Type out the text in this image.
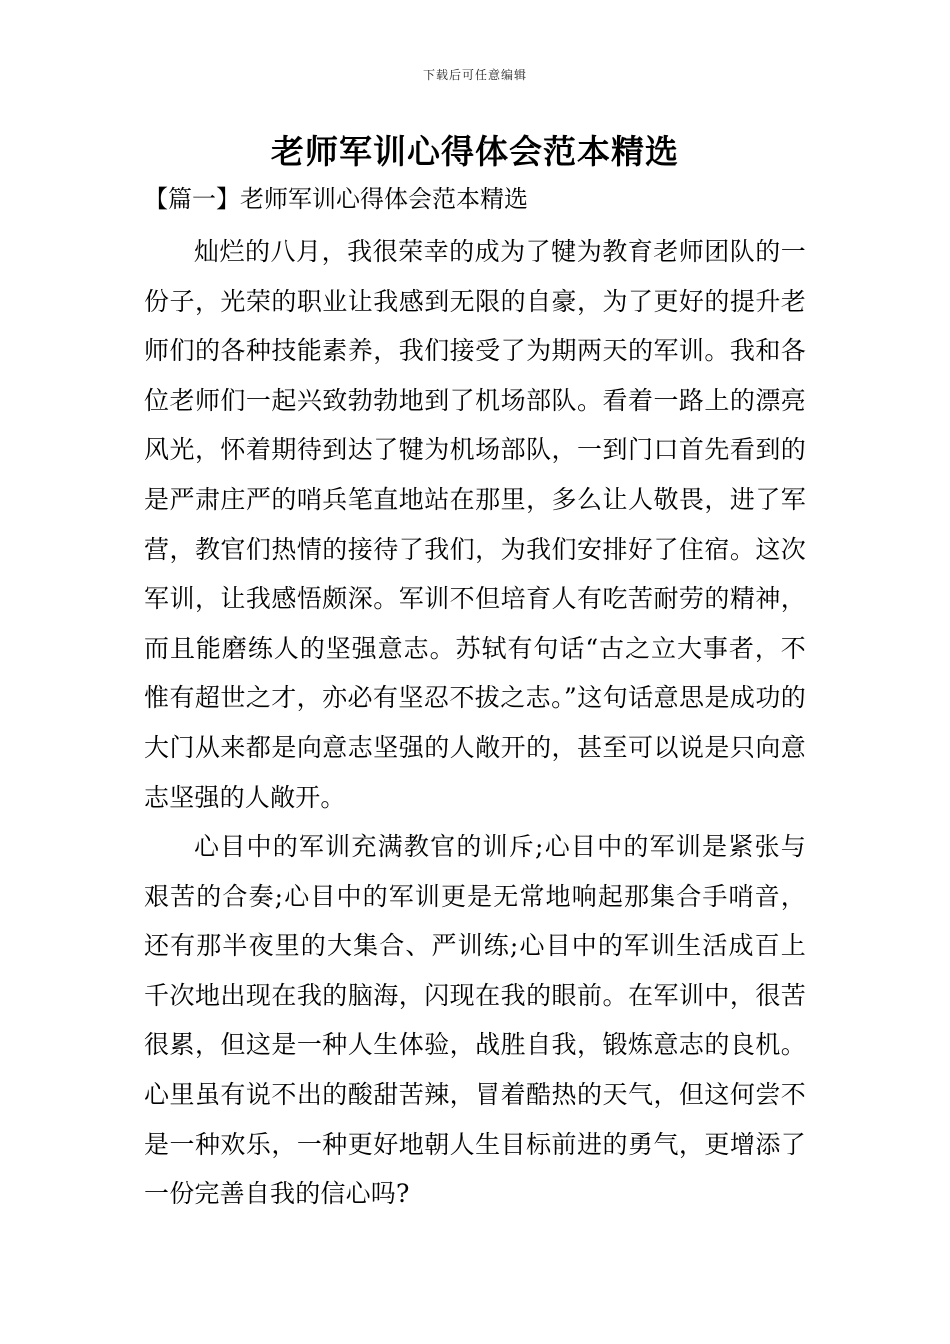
下载后可任意编辑
老师军训心得体会范本精选
【篇一】老师军训心得体会范本精选

灿烂的八月，我很荣幸的成为了犍为教育老师团队的一份子，光荣的职业让我感到无限的自豪，为了更好的提升老师们的各种技能素养，我们接受了为期两天的军训。我和各位老师们一起兴致勃勃地到了机场部队。看着一路上的漂亮风光，怀着期待到达了犍为机场部队，一到门口首先看到的是严肃庄严的哨兵笔直地站在那里，多么让人敬畏，进了军营，教官们热情的接待了我们，为我们安排好了住宿。这次军训，让我感悟颇深。军训不但培育人有吃苦耐劳的精神，而且能磨练人的坚强意志。苏轼有句话“古之立大事者，不惟有超世之才，亦必有坚忍不拔之志。”这句话意思是成功的大门从来都是向意志坚强的人敞开的，甚至可以说是只向意志坚强的人敞开。

心目中的军训充满教官的训斥;心目中的军训是紧张与艰苦的合奏;心目中的军训更是无常地响起那集合手哨音，还有那半夜里的大集合、严训练;心目中的军训生活成百上千次地出现在我的脑海，闪现在我的眼前。在军训中，很苦很累，但这是一种人生体验，战胜自我，锻炼意志的良机。心里虽有说不出的酸甜苦辣，冒着酷热的天气，但这何尝不是一种欢乐，一种更好地朝人生目标前进的勇气，更增添了一份完善自我的信心吗?
